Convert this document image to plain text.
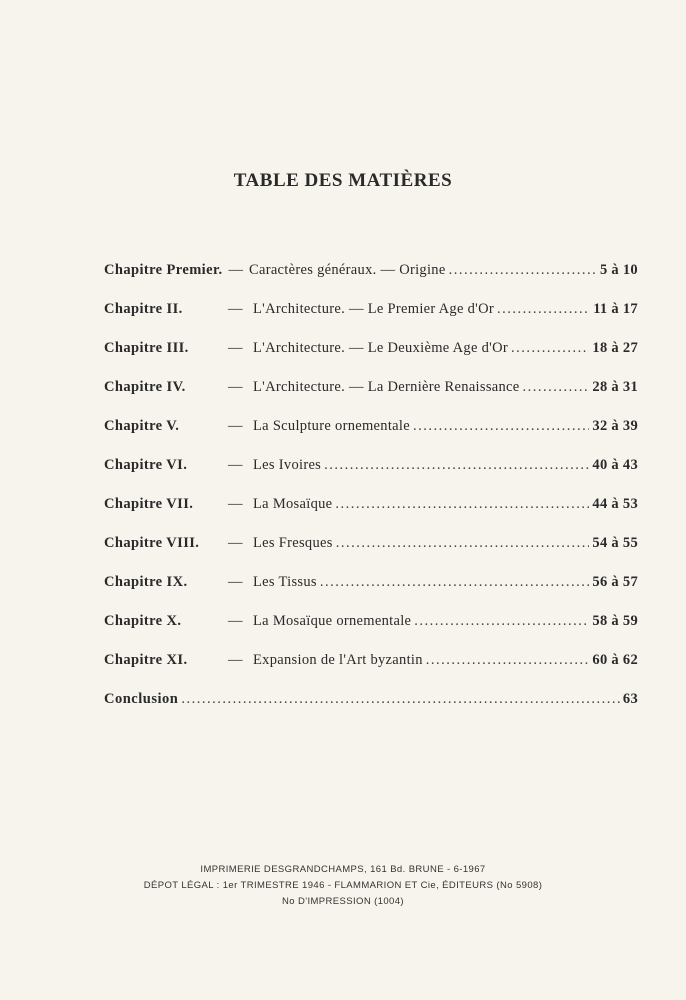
TABLE DES MATIÈRES
Chapitre Premier. — Caractères généraux. — Origine .....	5 à 10
Chapitre II.	— L'Architecture. — Le Premier Age d'Or .....	11 à 17
Chapitre III.	— L'Architecture. — Le Deuxième Age d'Or .....	18 à 27
Chapitre IV.	— L'Architecture. — La Dernière Renaissance .....	28 à 31
Chapitre V.	— La Sculpture ornementale .....	32 à 39
Chapitre VI.	— Les Ivoires .....	40 à 43
Chapitre VII.	— La Mosaïque .....	44 à 53
Chapitre VIII.	— Les Fresques .....	54 à 55
Chapitre IX.	— Les Tissus .....	56 à 57
Chapitre X.	— La Mosaïque ornementale .....	58 à 59
Chapitre XI.	— Expansion de l'Art byzantin .....	60 à 62
Conclusion .....	63
IMPRIMERIE DESGRANDCHAMPS, 161 Bd. BRUNE - 6-1967
DÉPOT LÉGAL : 1er TRIMESTRE 1946 - FLAMMARION ET Cie, ÉDITEURS (No 5908)
No D'IMPRESSION (1004)
